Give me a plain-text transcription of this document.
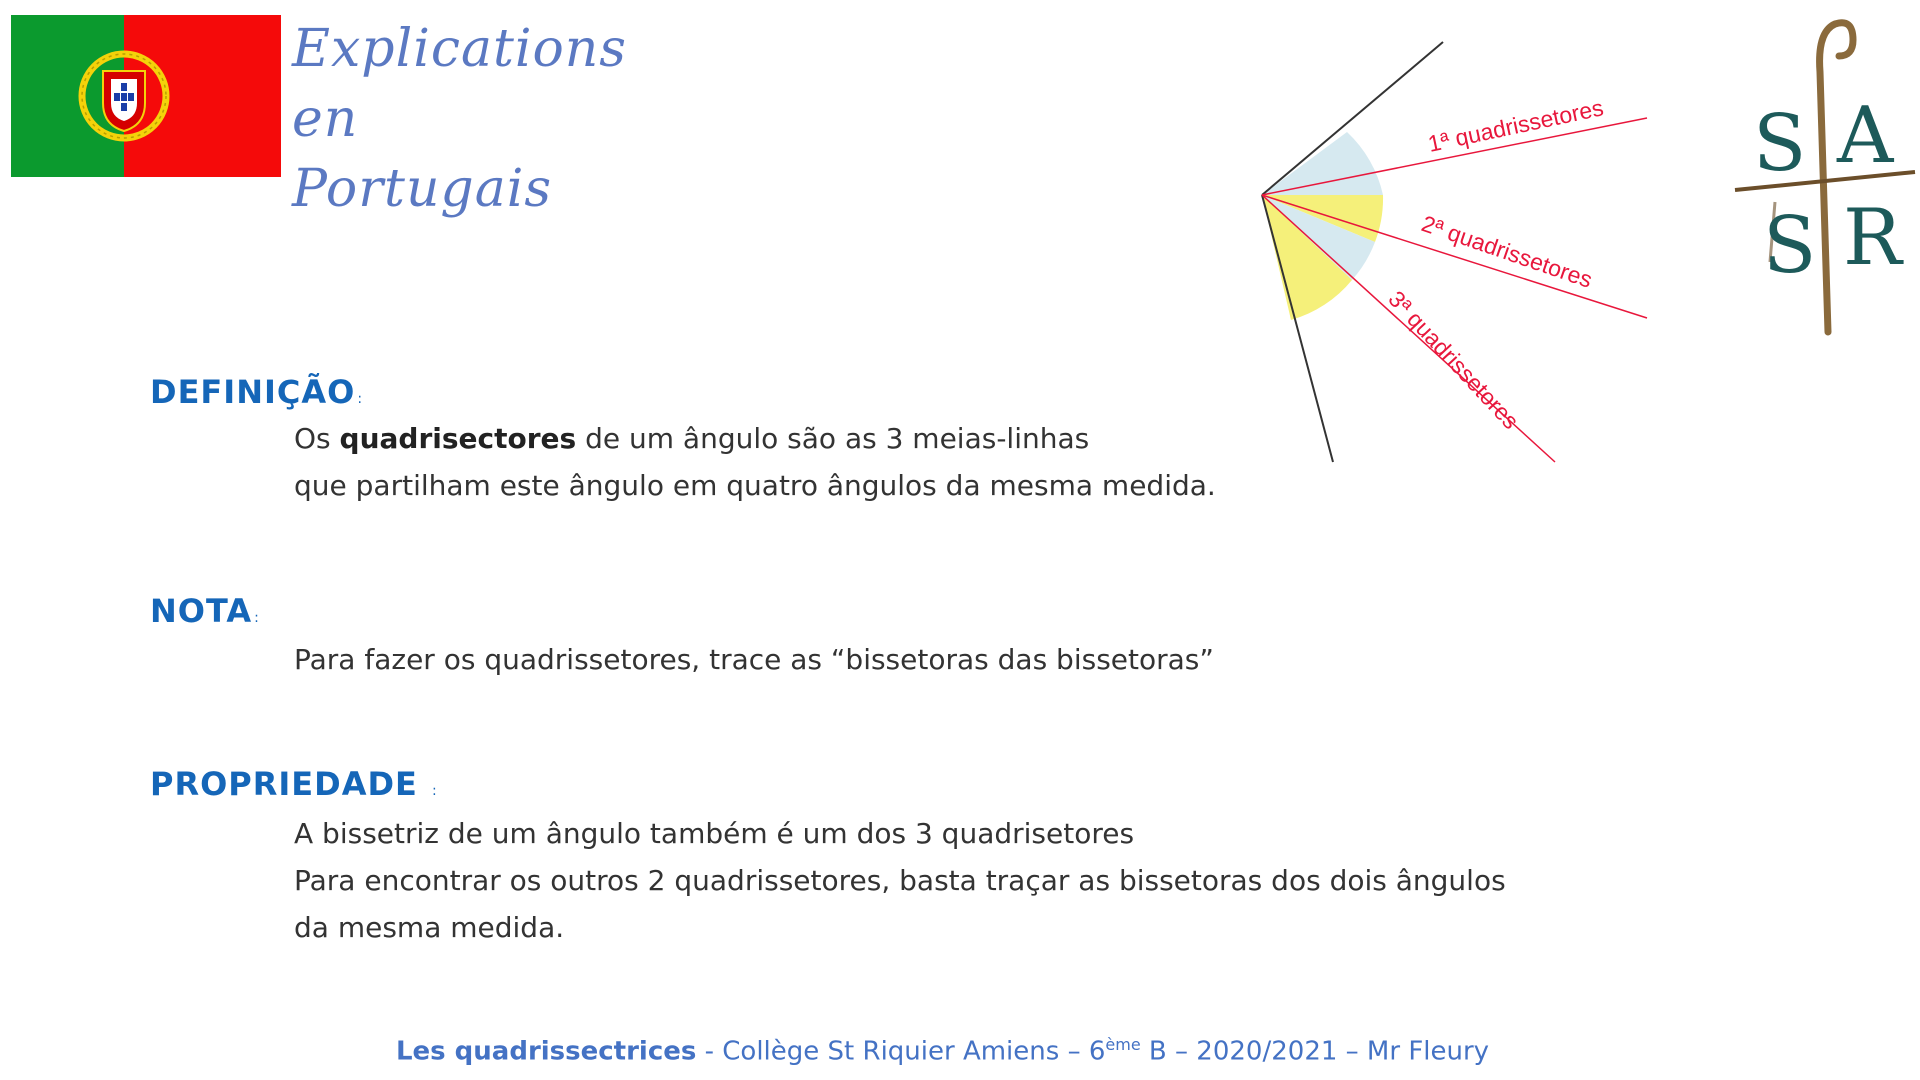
Explications en
Portugais
1ª quadrissetores
2ª quadrissetores
3ª quadrissetores
S A
S R
DEFINIÇÃO :
Os quadrisectores de um ângulo são as 3 meias-linhas
que partilham este ângulo em quatro ângulos da mesma medida.
NOTA :
Para fazer os quadrissetores, trace as “bissetoras das bissetoras”
PROPRIEDADE :
A bissetriz de um ângulo também é um dos 3 quadrisetores
Para encontrar os outros 2 quadrissetores, basta traçar as bissetoras dos dois ângulos
da mesma medida.
Les quadrissectrices - Collège St Riquier Amiens – 6ème B – 2020/2021 – Mr Fleury
